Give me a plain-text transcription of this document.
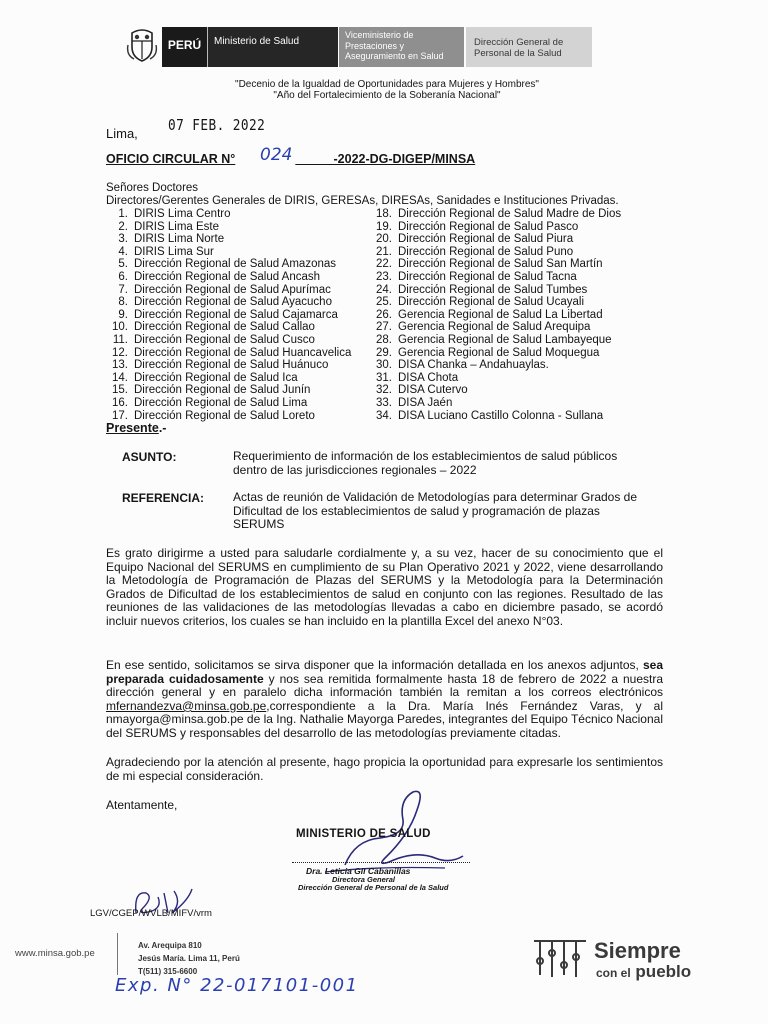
PERÚ	Ministerio de Salud
Viceministerio de Prestaciones y Aseguramiento en Salud
Dirección General de Personal de la Salud
"Decenio de la Igualdad de Oportunidades para Mujeres y Hombres"
"Año del Fortalecimiento de la Soberanía Nacional"
Lima, 07 FEB. 2022
OFICIO CIRCULAR N°	-2022-DG-DIGEP/MINSA
024
Señores Doctores
Directores/Gerentes Generales de DIRIS, GERESAs, DIRESAs, Sanidades e Instituciones Privadas.
1. DIRIS Lima Centro
2. DIRIS Lima Este
3. DIRIS Lima Norte
4. DIRIS Lima Sur
5. Dirección Regional de Salud Amazonas
6. Dirección Regional de Salud Ancash
7. Dirección Regional de Salud Apurímac
8. Dirección Regional de Salud Ayacucho
9. Dirección Regional de Salud Cajamarca
10. Dirección Regional de Salud Callao
11. Dirección Regional de Salud Cusco
12. Dirección Regional de Salud Huancavelica
13. Dirección Regional de Salud Huánuco
14. Dirección Regional de Salud Ica
15. Dirección Regional de Salud Junín
16. Dirección Regional de Salud Lima
17. Dirección Regional de Salud Loreto
18. Dirección Regional de Salud Madre de Dios
19. Dirección Regional de Salud Pasco
20. Dirección Regional de Salud Piura
21. Dirección Regional de Salud Puno
22. Dirección Regional de Salud San Martín
23. Dirección Regional de Salud Tacna
24. Dirección Regional de Salud Tumbes
25. Dirección Regional de Salud Ucayali
26. Gerencia Regional de Salud La Libertad
27. Gerencia Regional de Salud Arequipa
28. Gerencia Regional de Salud Lambayeque
29. Gerencia Regional de Salud Moquegua
30. DISA Chanka – Andahuaylas.
31. DISA Chota
32. DISA Cutervo
33. DISA Jaén
34. DISA Luciano Castillo Colonna - Sullana
Presente.-
ASUNTO:	Requerimiento de información de los establecimientos de salud públicos dentro de las jurisdicciones regionales – 2022
REFERENCIA: Actas de reunión de Validación de Metodologías para determinar Grados de Dificultad de los establecimientos de salud y programación de plazas SERUMS
Es grato dirigirme a usted para saludarle cordialmente y, a su vez, hacer de su conocimiento que el Equipo Nacional del SERUMS en cumplimiento de su Plan Operativo 2021 y 2022, viene desarrollando la Metodología de Programación de Plazas del SERUMS y la Metodología para la Determinación Grados de Dificultad de los establecimientos de salud en conjunto con las regiones. Resultado de las reuniones de las validaciones de las metodologías llevadas a cabo en diciembre pasado, se acordó incluir nuevos criterios, los cuales se han incluido en la plantilla Excel del anexo N°03.
En ese sentido, solicitamos se sirva disponer que la información detallada en los anexos adjuntos, sea preparada cuidadosamente y nos sea remitida formalmente hasta 18 de febrero de 2022 a nuestra dirección general y en paralelo dicha información también la remitan a los correos electrónicos mfernandezva@minsa.gob.pe,correspondiente a la Dra. María Inés Fernández Varas, y al nmayorga@minsa.gob.pe de la Ing. Nathalie Mayorga Paredes, integrantes del Equipo Técnico Nacional del SERUMS y responsables del desarrollo de las metodologías previamente citadas.
Agradeciendo por la atención al presente, hago propicia la oportunidad para expresarle los sentimientos de mi especial consideración.
Atentamente,
MINISTERIO DE SALUD
Dra. Leticia Gil Cabanillas
Directora General
Dirección General de Personal de la Salud
LGV/CGEP/WVLB/MIFV/vrm
www.minsa.gob.pe
Av. Arequipa 810
Jesús María. Lima 11, Perú
T(511) 315-6600
Siempre
con el pueblo
Exp. N° 22-017101-001
